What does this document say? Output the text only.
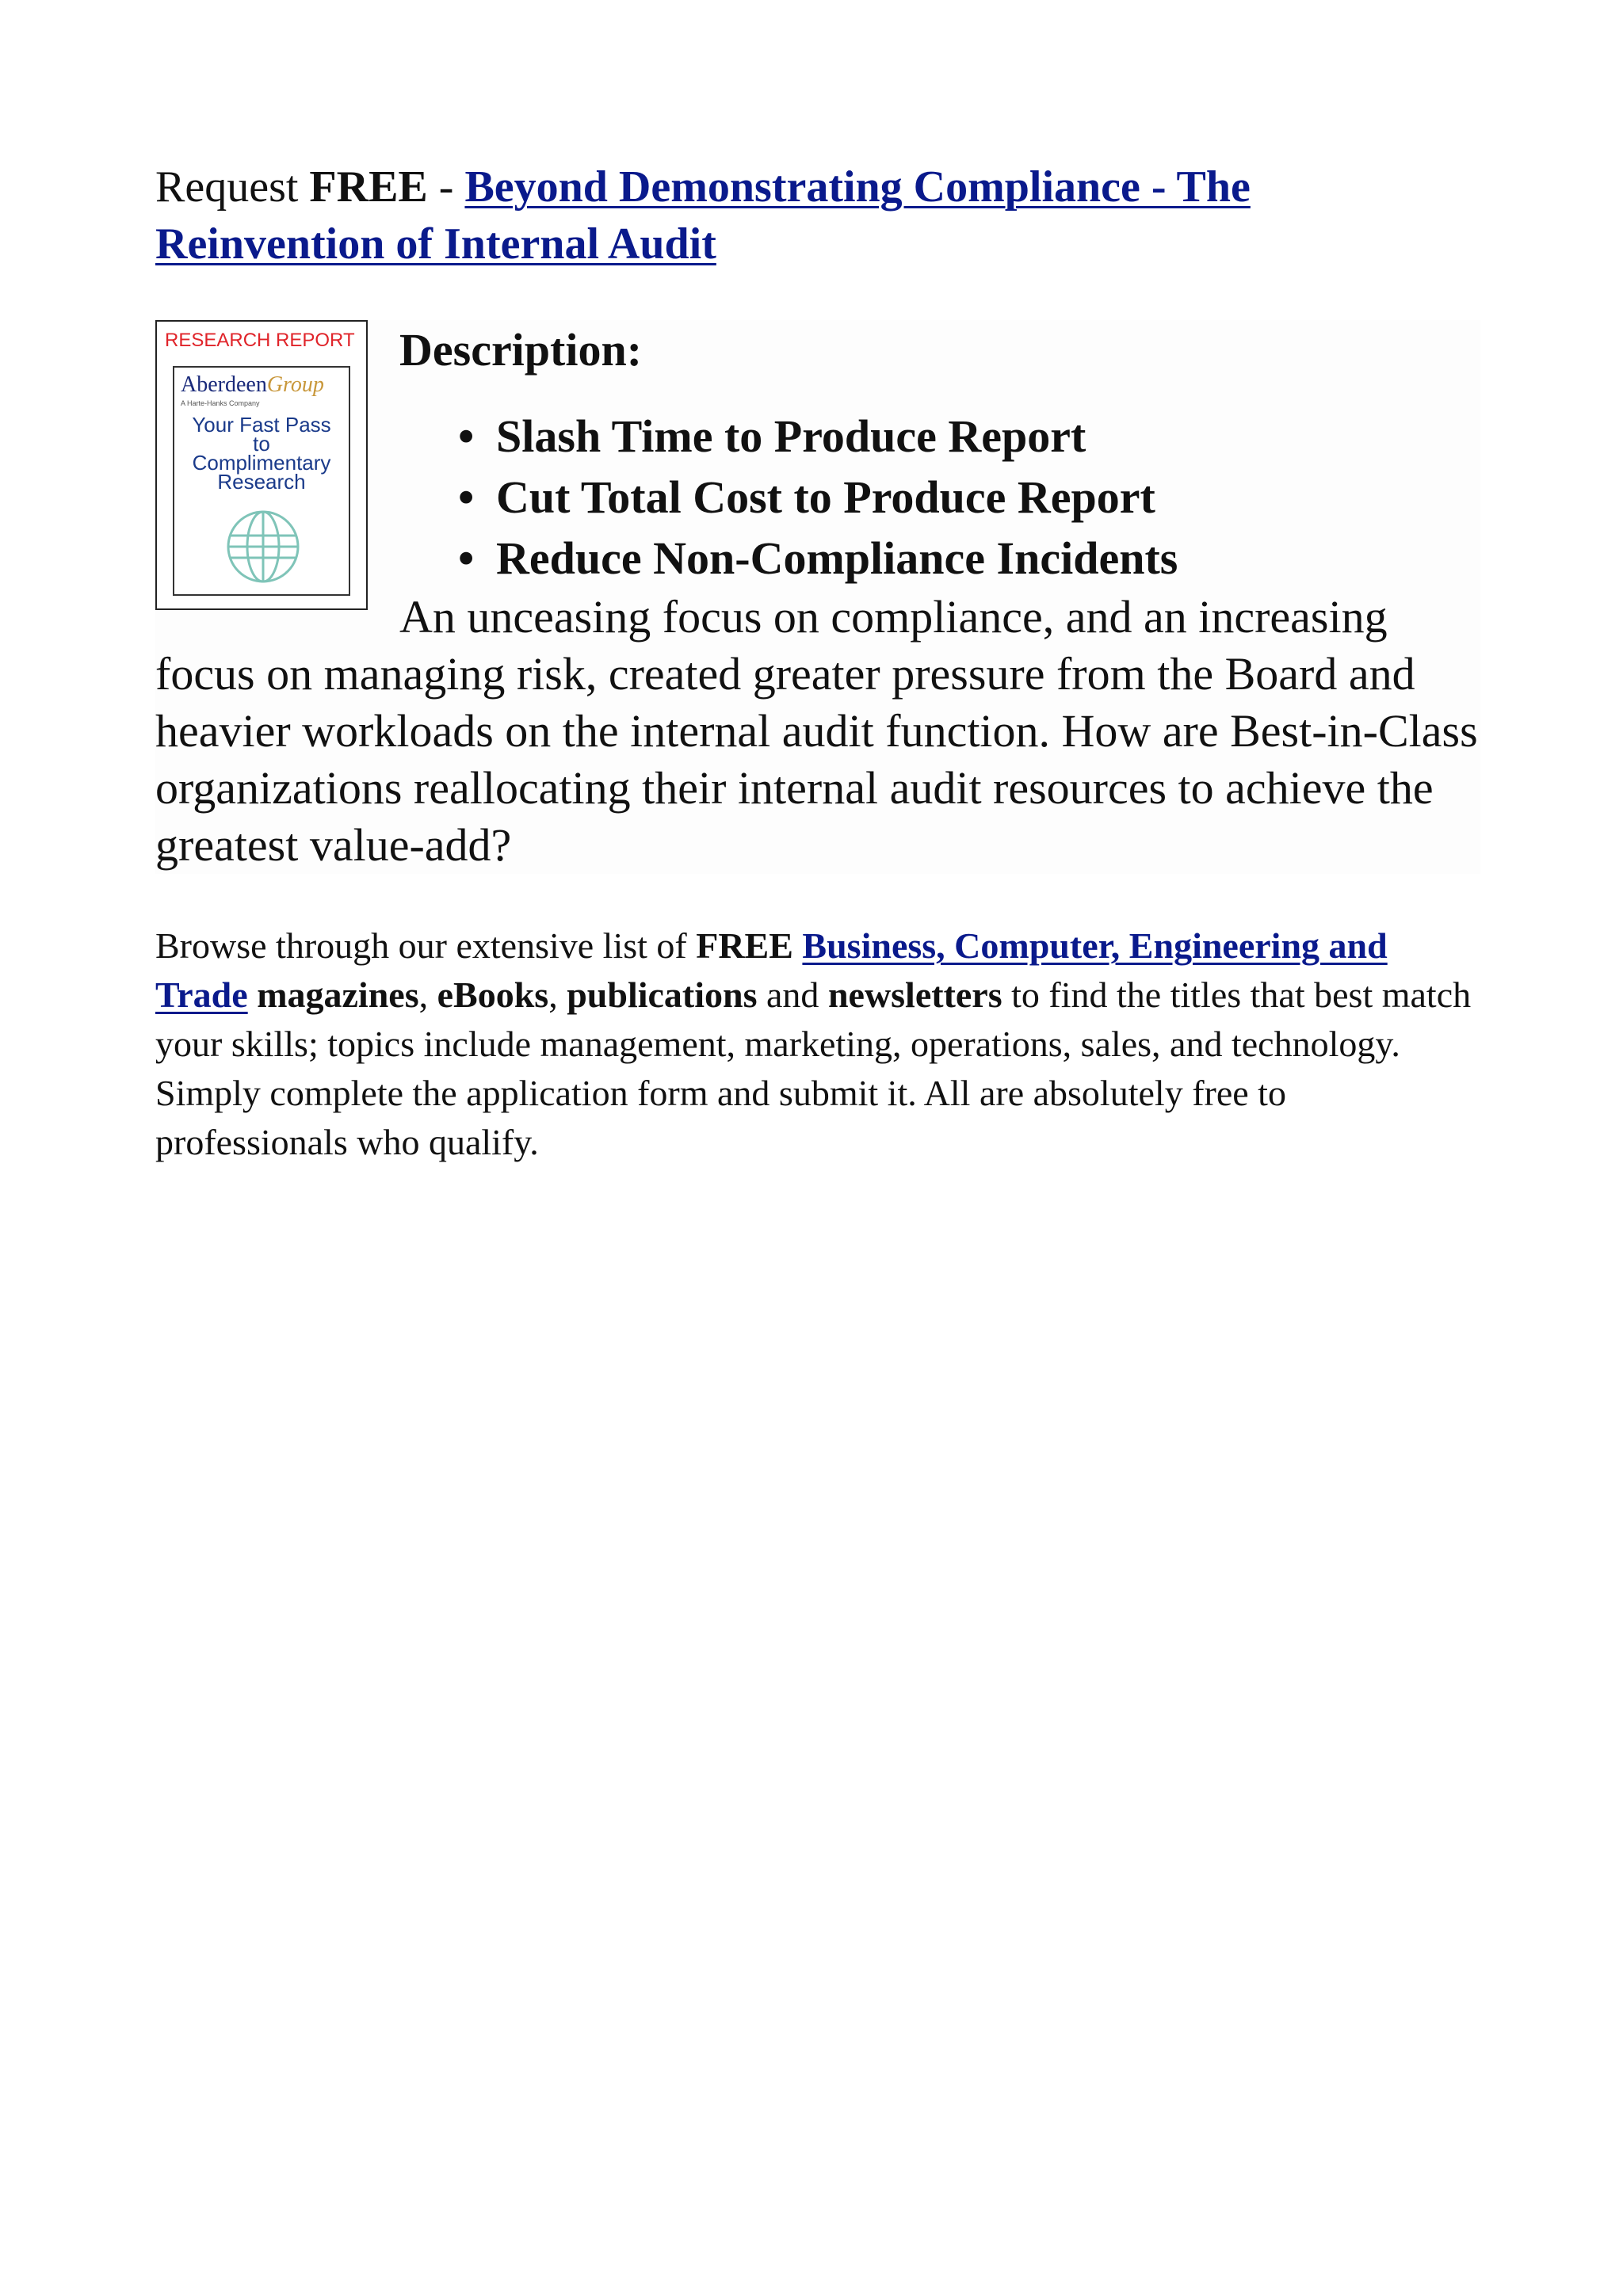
Request FREE - Beyond Demonstrating Compliance - The Reinvention of Internal Audit
RESEARCH REPORT
AberdeenGroup
A Harte-Hanks Company
Your Fast Pass
to
Complimentary
Research
Description:
• Slash Time to Produce Report
• Cut Total Cost to Produce Report
• Reduce Non-Compliance Incidents

An unceasing focus on compliance, and an increasing focus on managing risk, created greater pressure from the Board and heavier workloads on the internal audit function. How are Best-in-Class organizations reallocating their internal audit resources to achieve the greatest value-add?

Browse through our extensive list of FREE Business, Computer, Engineering and Trade magazines, eBooks, publications and newsletters to find the titles that best match your skills; topics include management, marketing, operations, sales, and technology. Simply complete the application form and submit it. All are absolutely free to professionals who qualify.
